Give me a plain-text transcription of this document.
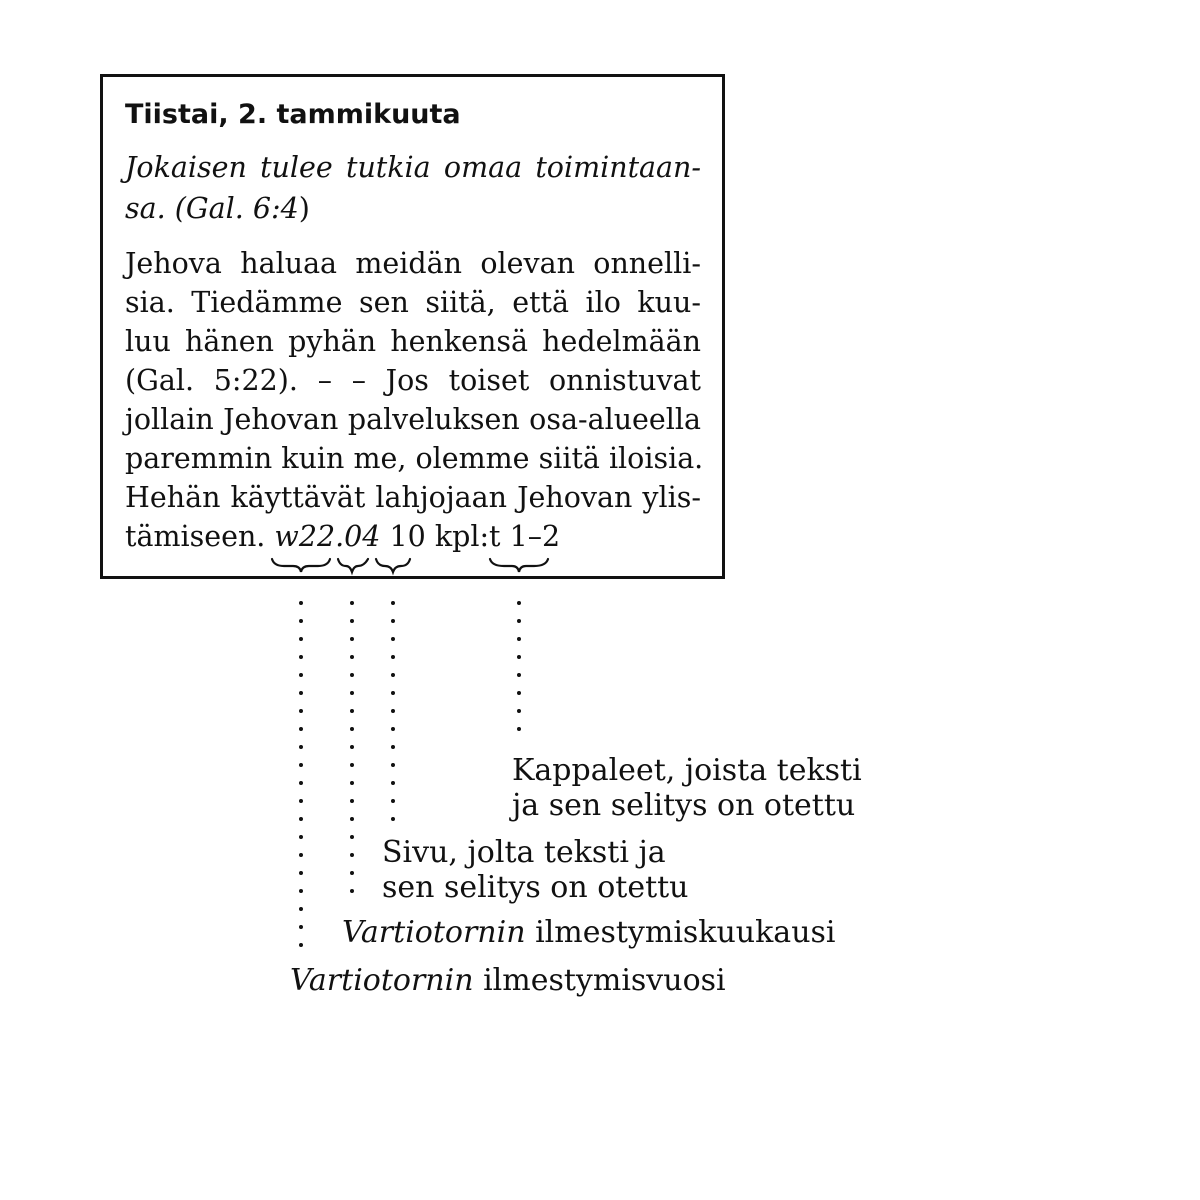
Tiistai, 2. tammikuuta
Jokaisen tulee tutkia omaa toimintaan-
sa. (Gal. 6:4)
Jehova haluaa meidän olevan onnelli-
sia. Tiedämme sen siitä, että ilo kuu-
luu hänen pyhän henkensä hedelmään
(Gal. 5:22). – – Jos toiset onnistuvat
jollain Jehovan palveluksen osa-alueella
paremmin kuin me, olemme siitä iloisia.
Hehän käyttävät lahjojaan Jehovan ylis-
tämiseen. w22.04 10 kpl:t 1–2
Kappaleet, joista teksti
ja sen selitys on otettu
Sivu, jolta teksti ja
sen selitys on otettu
Vartiotornin ilmestymiskuukausi
Vartiotornin ilmestymisvuosi
